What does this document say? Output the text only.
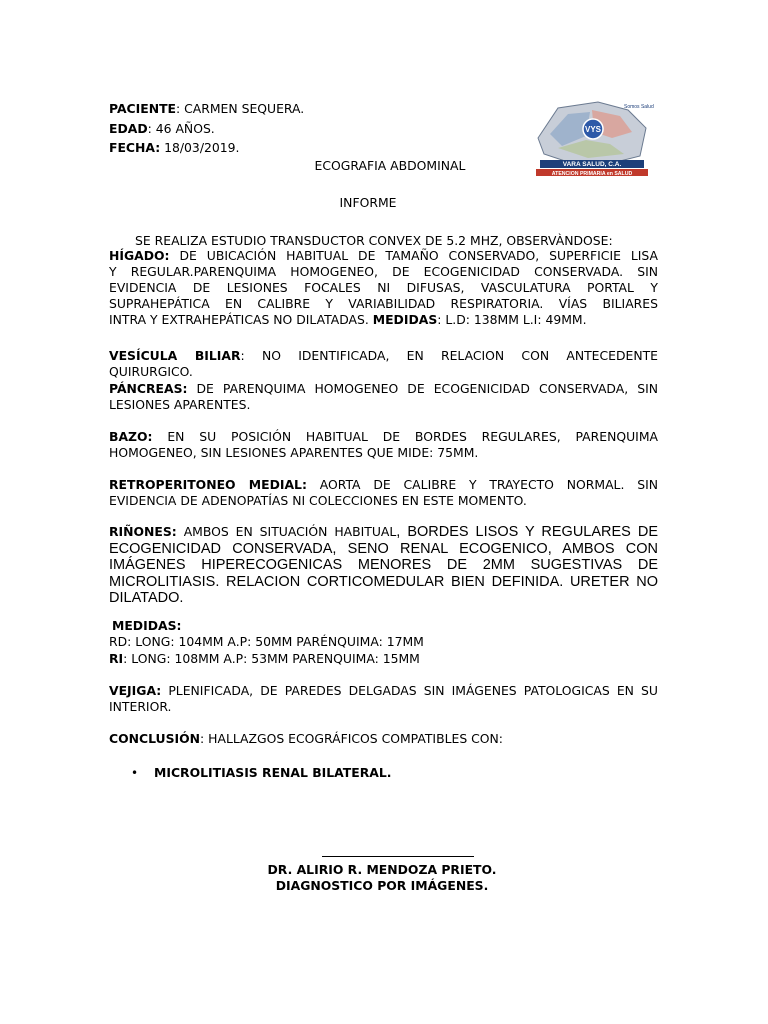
PACIENTE: CARMEN SEQUERA.
EDAD: 46 AÑOS.
FECHA: 18/03/2019.
VYS
Somos Salud
VARA SALUD, C.A.
ATENCION PRIMARIA en SALUD
ECOGRAFIA ABDOMINAL
INFORME
SE REALIZA ESTUDIO TRANSDUCTOR CONVEX DE 5.2 MHZ, OBSERVÀNDOSE:
HÍGADO: DE UBICACIÓN HABITUAL DE TAMAÑO CONSERVADO, SUPERFICIE LISA
Y REGULAR.PARENQUIMA HOMOGENEO, DE ECOGENICIDAD CONSERVADA. SIN
EVIDENCIA DE LESIONES FOCALES NI DIFUSAS, VASCULATURA PORTAL Y
SUPRAHEPÁTICA EN CALIBRE Y VARIABILIDAD RESPIRATORIA. VÍAS BILIARES
INTRA Y EXTRAHEPÁTICAS NO DILATADAS. MEDIDAS: L.D: 138MM L.I: 49MM.
VESÍCULA BILIAR: NO IDENTIFICADA, EN RELACION CON ANTECEDENTE
QUIRURGICO.
PÁNCREAS: DE PARENQUIMA HOMOGENEO DE ECOGENICIDAD CONSERVADA, SIN
LESIONES APARENTES.
BAZO: EN SU POSICIÓN HABITUAL DE BORDES REGULARES, PARENQUIMA
HOMOGENEO, SIN LESIONES APARENTES QUE MIDE: 75MM.
RETROPERITONEO MEDIAL: AORTA DE CALIBRE Y TRAYECTO NORMAL. SIN
EVIDENCIA DE ADENOPATÍAS NI COLECCIONES EN ESTE MOMENTO.
RIÑONES: AMBOS EN SITUACIÓN HABITUAL, BORDES LISOS Y REGULARES DE
ECOGENICIDAD CONSERVADA, SENO RENAL ECOGENICO, AMBOS CON
IMÁGENES HIPERECOGENICAS MENORES DE 2MM SUGESTIVAS DE
MICROLITIASIS. RELACION CORTICOMEDULAR BIEN DEFINIDA. URETER NO
DILATADO.
MEDIDAS:
RD: LONG: 104MM A.P: 50MM PARÉNQUIMA: 17MM
RI: LONG: 108MM A.P: 53MM PARENQUIMA: 15MM
VEJIGA: PLENIFICADA, DE PAREDES DELGADAS SIN IMÁGENES PATOLOGICAS EN SU
INTERIOR.
CONCLUSIÓN: HALLAZGOS ECOGRÁFICOS COMPATIBLES CON:
• MICROLITIASIS RENAL BILATERAL.
DR. ALIRIO R. MENDOZA PRIETO.
DIAGNOSTICO POR IMÁGENES.
